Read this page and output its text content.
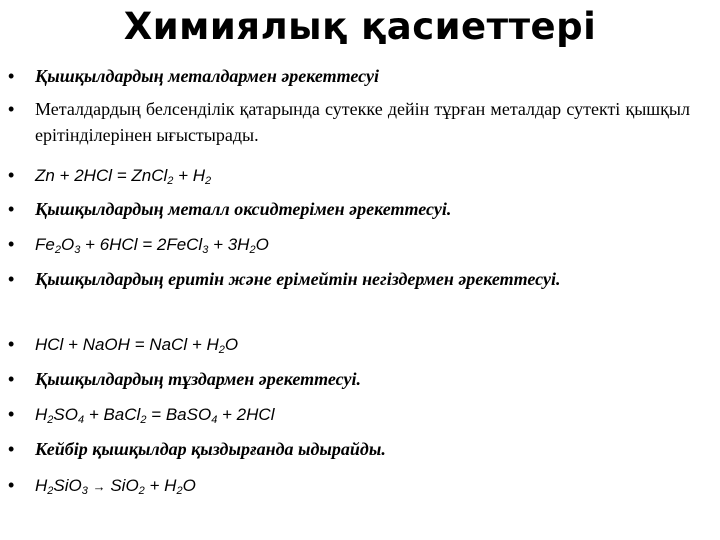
Химиялық қасиеттері
• Қышқылдардың металдармен әрекеттесуі
• Металдардың белсенділік қатарында сутекке дейін тұрған металдар сутекті қышқыл ерітінділерінен ығыстырады.
• Zn + 2HCl = ZnCl$_2$ + $H_2$
• Қышқылдардың металл оксидтерімен әрекеттесуі.
• $Fe_2O_3 + 6HCl$ = 2FeCl$_3$ + $3H_2O$
• Қышқылдардың еритін және ерімейтін негіздермен әрекеттесуі.
• HCl + NaOH = NaCl + $H_2O$
• Қышқылдардың тұздармен әрекеттесуі.
• $H_2SO_4$ + BaCl$_2$ = BaSO$_4$ + 2HCl
• Кейбір қышқылдар қыздырғанда ыдырайды.
• $H_2SiO_3 \to SiO_2 + H_2O$
